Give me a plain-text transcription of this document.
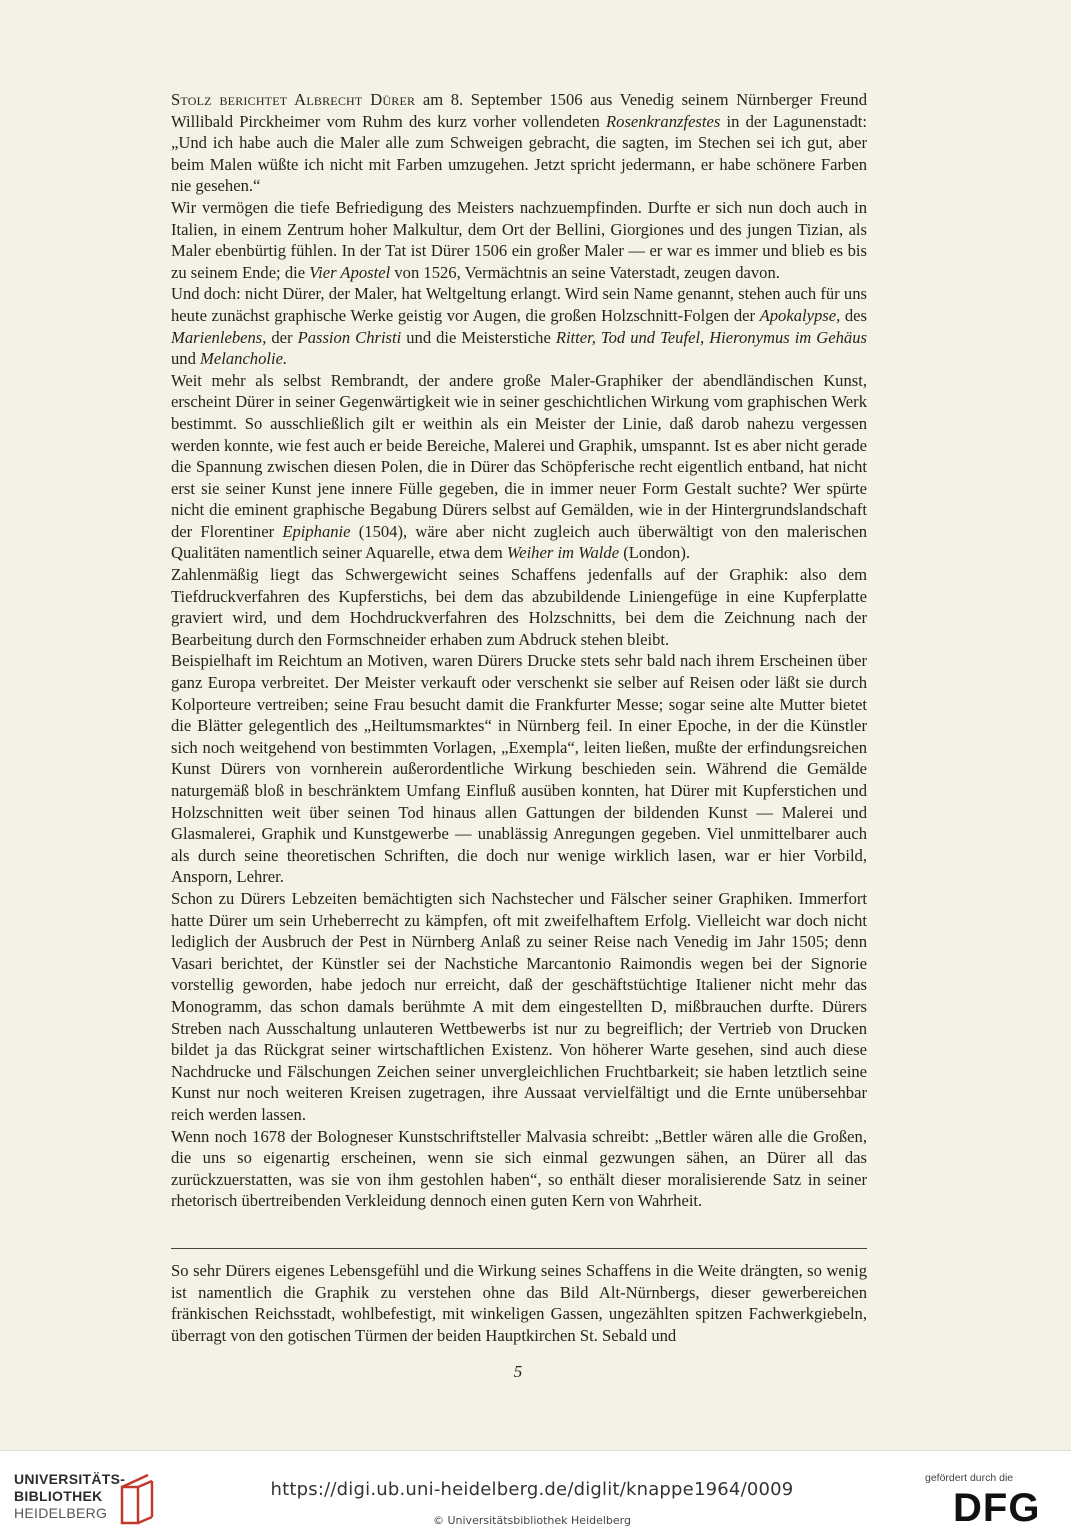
Stolz berichtet Albrecht Dürer am 8. September 1506 aus Venedig seinem Nürnberger Freund Willibald Pirckheimer vom Ruhm des kurz vorher vollendeten Rosenkranzfestes in der Lagunenstadt: „Und ich habe auch die Maler alle zum Schweigen gebracht, die sagten, im Stechen sei ich gut, aber beim Malen wüßte ich nicht mit Farben umzugehen. Jetzt spricht jedermann, er habe schönere Farben nie gesehen.“

Wir vermögen die tiefe Befriedigung des Meisters nachzuempfinden. Durfte er sich nun doch auch in Italien, in einem Zentrum hoher Malkultur, dem Ort der Bellini, Giorgiones und des jungen Tizian, als Maler ebenbürtig fühlen. In der Tat ist Dürer 1506 ein großer Maler — er war es immer und blieb es bis zu seinem Ende; die Vier Apostel von 1526, Vermächtnis an seine Vaterstadt, zeugen davon.

Und doch: nicht Dürer, der Maler, hat Weltgeltung erlangt. Wird sein Name genannt, stehen auch für uns heute zunächst graphische Werke geistig vor Augen, die großen Holzschnitt-Folgen der Apokalypse, des Marienlebens, der Passion Christi und die Meisterstiche Ritter, Tod und Teufel, Hieronymus im Gehäus und Melancholie.

Weit mehr als selbst Rembrandt, der andere große Maler-Graphiker der abendländischen Kunst, erscheint Dürer in seiner Gegenwärtigkeit wie in seiner geschichtlichen Wirkung vom graphischen Werk bestimmt. So ausschließlich gilt er weithin als ein Meister der Linie, daß darob nahezu vergessen werden konnte, wie fest auch er beide Bereiche, Malerei und Graphik, umspannt. Ist es aber nicht gerade die Spannung zwischen diesen Polen, die in Dürer das Schöpferische recht eigentlich entband, hat nicht erst sie seiner Kunst jene innere Fülle gegeben, die in immer neuer Form Gestalt suchte? Wer spürte nicht die eminent graphische Begabung Dürers selbst auf Gemälden, wie in der Hintergrundslandschaft der Florentiner Epiphanie (1504), wäre aber nicht zugleich auch überwältigt von den malerischen Qualitäten namentlich seiner Aquarelle, etwa dem Weiher im Walde (London).

Zahlenmäßig liegt das Schwergewicht seines Schaffens jedenfalls auf der Graphik: also dem Tiefdruckverfahren des Kupferstichs, bei dem das abzubildende Liniengefüge in eine Kupferplatte graviert wird, und dem Hochdruckverfahren des Holzschnitts, bei dem die Zeichnung nach der Bearbeitung durch den Formschneider erhaben zum Abdruck stehen bleibt.

Beispielhaft im Reichtum an Motiven, waren Dürers Drucke stets sehr bald nach ihrem Erscheinen über ganz Europa verbreitet. Der Meister verkauft oder verschenkt sie selber auf Reisen oder läßt sie durch Kolporteure vertreiben; seine Frau besucht damit die Frankfurter Messe; sogar seine alte Mutter bietet die Blätter gelegentlich des „Heiltumsmarktes“ in Nürnberg feil. In einer Epoche, in der die Künstler sich noch weitgehend von bestimmten Vorlagen, „Exempla“, leiten ließen, mußte der erfindungsreichen Kunst Dürers von vornherein außerordentliche Wirkung beschieden sein. Während die Gemälde naturgemäß bloß in beschränktem Umfang Einfluß ausüben konnten, hat Dürer mit Kupferstichen und Holzschnitten weit über seinen Tod hinaus allen Gattungen der bildenden Kunst — Malerei und Glasmalerei, Graphik und Kunstgewerbe — unablässig Anregungen gegeben. Viel unmittelbarer auch als durch seine theoretischen Schriften, die doch nur wenige wirklich lasen, war er hier Vorbild, Ansporn, Lehrer.

Schon zu Dürers Lebzeiten bemächtigten sich Nachstecher und Fälscher seiner Graphiken. Immerfort hatte Dürer um sein Urheberrecht zu kämpfen, oft mit zweifelhaftem Erfolg. Vielleicht war doch nicht lediglich der Ausbruch der Pest in Nürnberg Anlaß zu seiner Reise nach Venedig im Jahr 1505; denn Vasari berichtet, der Künstler sei der Nachstiche Marcantonio Raimondis wegen bei der Signorie vorstellig geworden, habe jedoch nur erreicht, daß der geschäftstüchtige Italiener nicht mehr das Monogramm, das schon damals berühmte A mit dem eingestellten D, mißbrauchen durfte. Dürers Streben nach Ausschaltung unlauteren Wettbewerbs ist nur zu begreiflich; der Vertrieb von Drucken bildet ja das Rückgrat seiner wirtschaftlichen Existenz. Von höherer Warte gesehen, sind auch diese Nachdrucke und Fälschungen Zeichen seiner unvergleichlichen Fruchtbarkeit; sie haben letztlich seine Kunst nur noch weiteren Kreisen zugetragen, ihre Aussaat vervielfältigt und die Ernte unübersehbar reich werden lassen.

Wenn noch 1678 der Bologneser Kunstschriftsteller Malvasia schreibt: „Bettler wären alle die Großen, die uns so eigenartig erscheinen, wenn sie sich einmal gezwungen sähen, an Dürer all das zurückzuerstatten, was sie von ihm gestohlen haben“, so enthält dieser moralisierende Satz in seiner rhetorisch übertreibenden Verkleidung dennoch einen guten Kern von Wahrheit.

So sehr Dürers eigenes Lebensgefühl und die Wirkung seines Schaffens in die Weite drängten, so wenig ist namentlich die Graphik zu verstehen ohne das Bild Alt-Nürnbergs, dieser gewerbereichen fränkischen Reichsstadt, wohlbefestigt, mit winkeligen Gassen, ungezählten spitzen Fachwerkgiebeln, überragt von den gotischen Türmen der beiden Hauptkirchen St. Sebald und
5
UNIVERSITÄTS-
BIBLIOTHEK
HEIDELBERG
https://digi.ub.uni-heidelberg.de/diglit/knappe1964/0009
© Universitätsbibliothek Heidelberg
gefördert durch die
DFG
